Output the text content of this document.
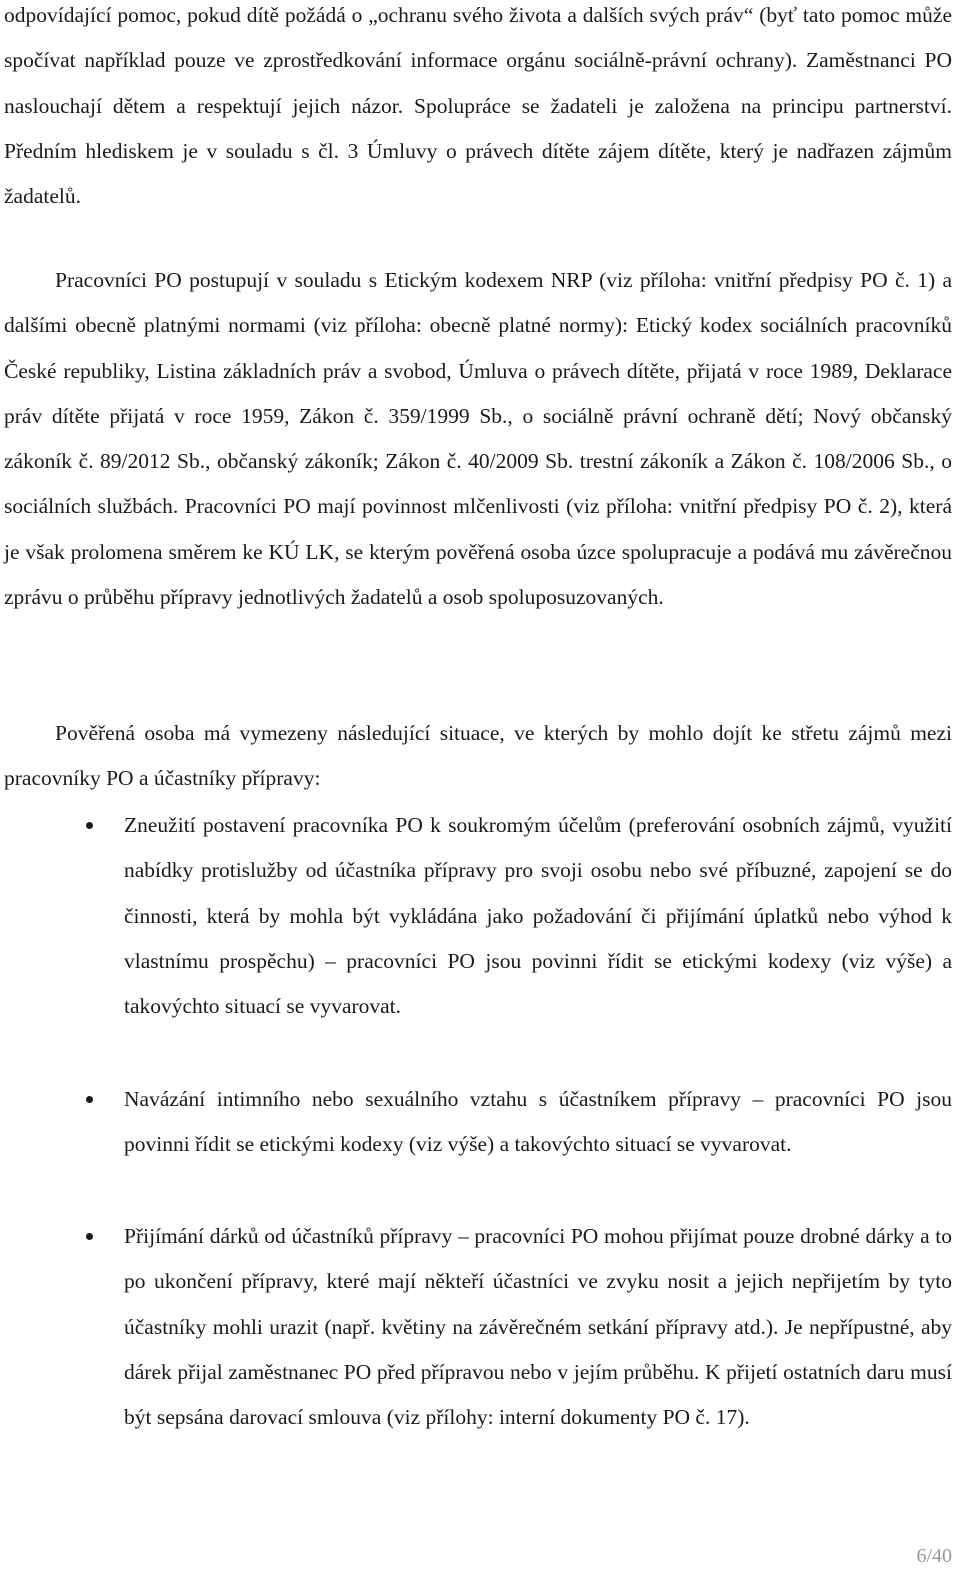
odpovídající pomoc, pokud dítě požádá o „ochranu svého života a dalších svých práv“ (byť tato pomoc může spočívat například pouze ve zprostředkování informace orgánu sociálně-právní ochrany). Zaměstnanci PO naslouchají dětem a respektují jejich názor. Spolupráce se žadateli je založena na principu partnerství. Předním hlediskem je v souladu s čl. 3 Úmluvy o právech dítěte zájem dítěte, který je nadřazen zájmům žadatelů.

Pracovníci PO postupují v souladu s Etickým kodexem NRP (viz příloha: vnitřní předpisy PO č. 1) a dalšími obecně platnými normami (viz příloha: obecně platné normy): Etický kodex sociálních pracovníků České republiky, Listina základních práv a svobod, Úmluva o právech dítěte, přijatá v roce 1989, Deklarace práv dítěte přijatá v roce 1959, Zákon č. 359/1999 Sb., o sociálně právní ochraně dětí; Nový občanský zákoník č. 89/2012 Sb., občanský zákoník; Zákon č. 40/2009 Sb. trestní zákoník a Zákon č. 108/2006 Sb., o sociálních službách. Pracovníci PO mají povinnost mlčenlivosti (viz příloha: vnitřní předpisy PO č. 2), která je však prolomena směrem ke KÚ LK, se kterým pověřená osoba úzce spolupracuje a podává mu závěrečnou zprávu o průběhu přípravy jednotlivých žadatelů a osob spoluposuzovaných.

Pověřená osoba má vymezeny následující situace, ve kterých by mohlo dojít ke střetu zájmů mezi pracovníky PO a účastníky přípravy:

Zneužití postavení pracovníka PO k soukromým účelům (preferování osobních zájmů, využití nabídky protislužby od účastníka přípravy pro svoji osobu nebo své příbuzné, zapojení se do činnosti, která by mohla být vykládána jako požadování či přijímání úplatků nebo výhod k vlastnímu prospěchu) – pracovníci PO jsou povinni řídit se etickými kodexy (viz výše) a takovýchto situací se vyvarovat.
Navázání intimního nebo sexuálního vztahu s účastníkem přípravy – pracovníci PO jsou povinni řídit se etickými kodexy (viz výše) a takovýchto situací se vyvarovat.
Přijímání dárků od účastníků přípravy – pracovníci PO mohou přijímat pouze drobné dárky a to po ukončení přípravy, které mají někteří účastníci ve zvyku nosit a jejich nepřijetím by tyto účastníky mohli urazit (např. květiny na závěrečném setkání přípravy atd.). Je nepřípustné, aby dárek přijal zaměstnanec PO před přípravou nebo v jejím průběhu. K přijetí ostatních daru musí být sepsána darovací smlouva (viz přílohy: interní dokumenty PO č. 17).
6/40
